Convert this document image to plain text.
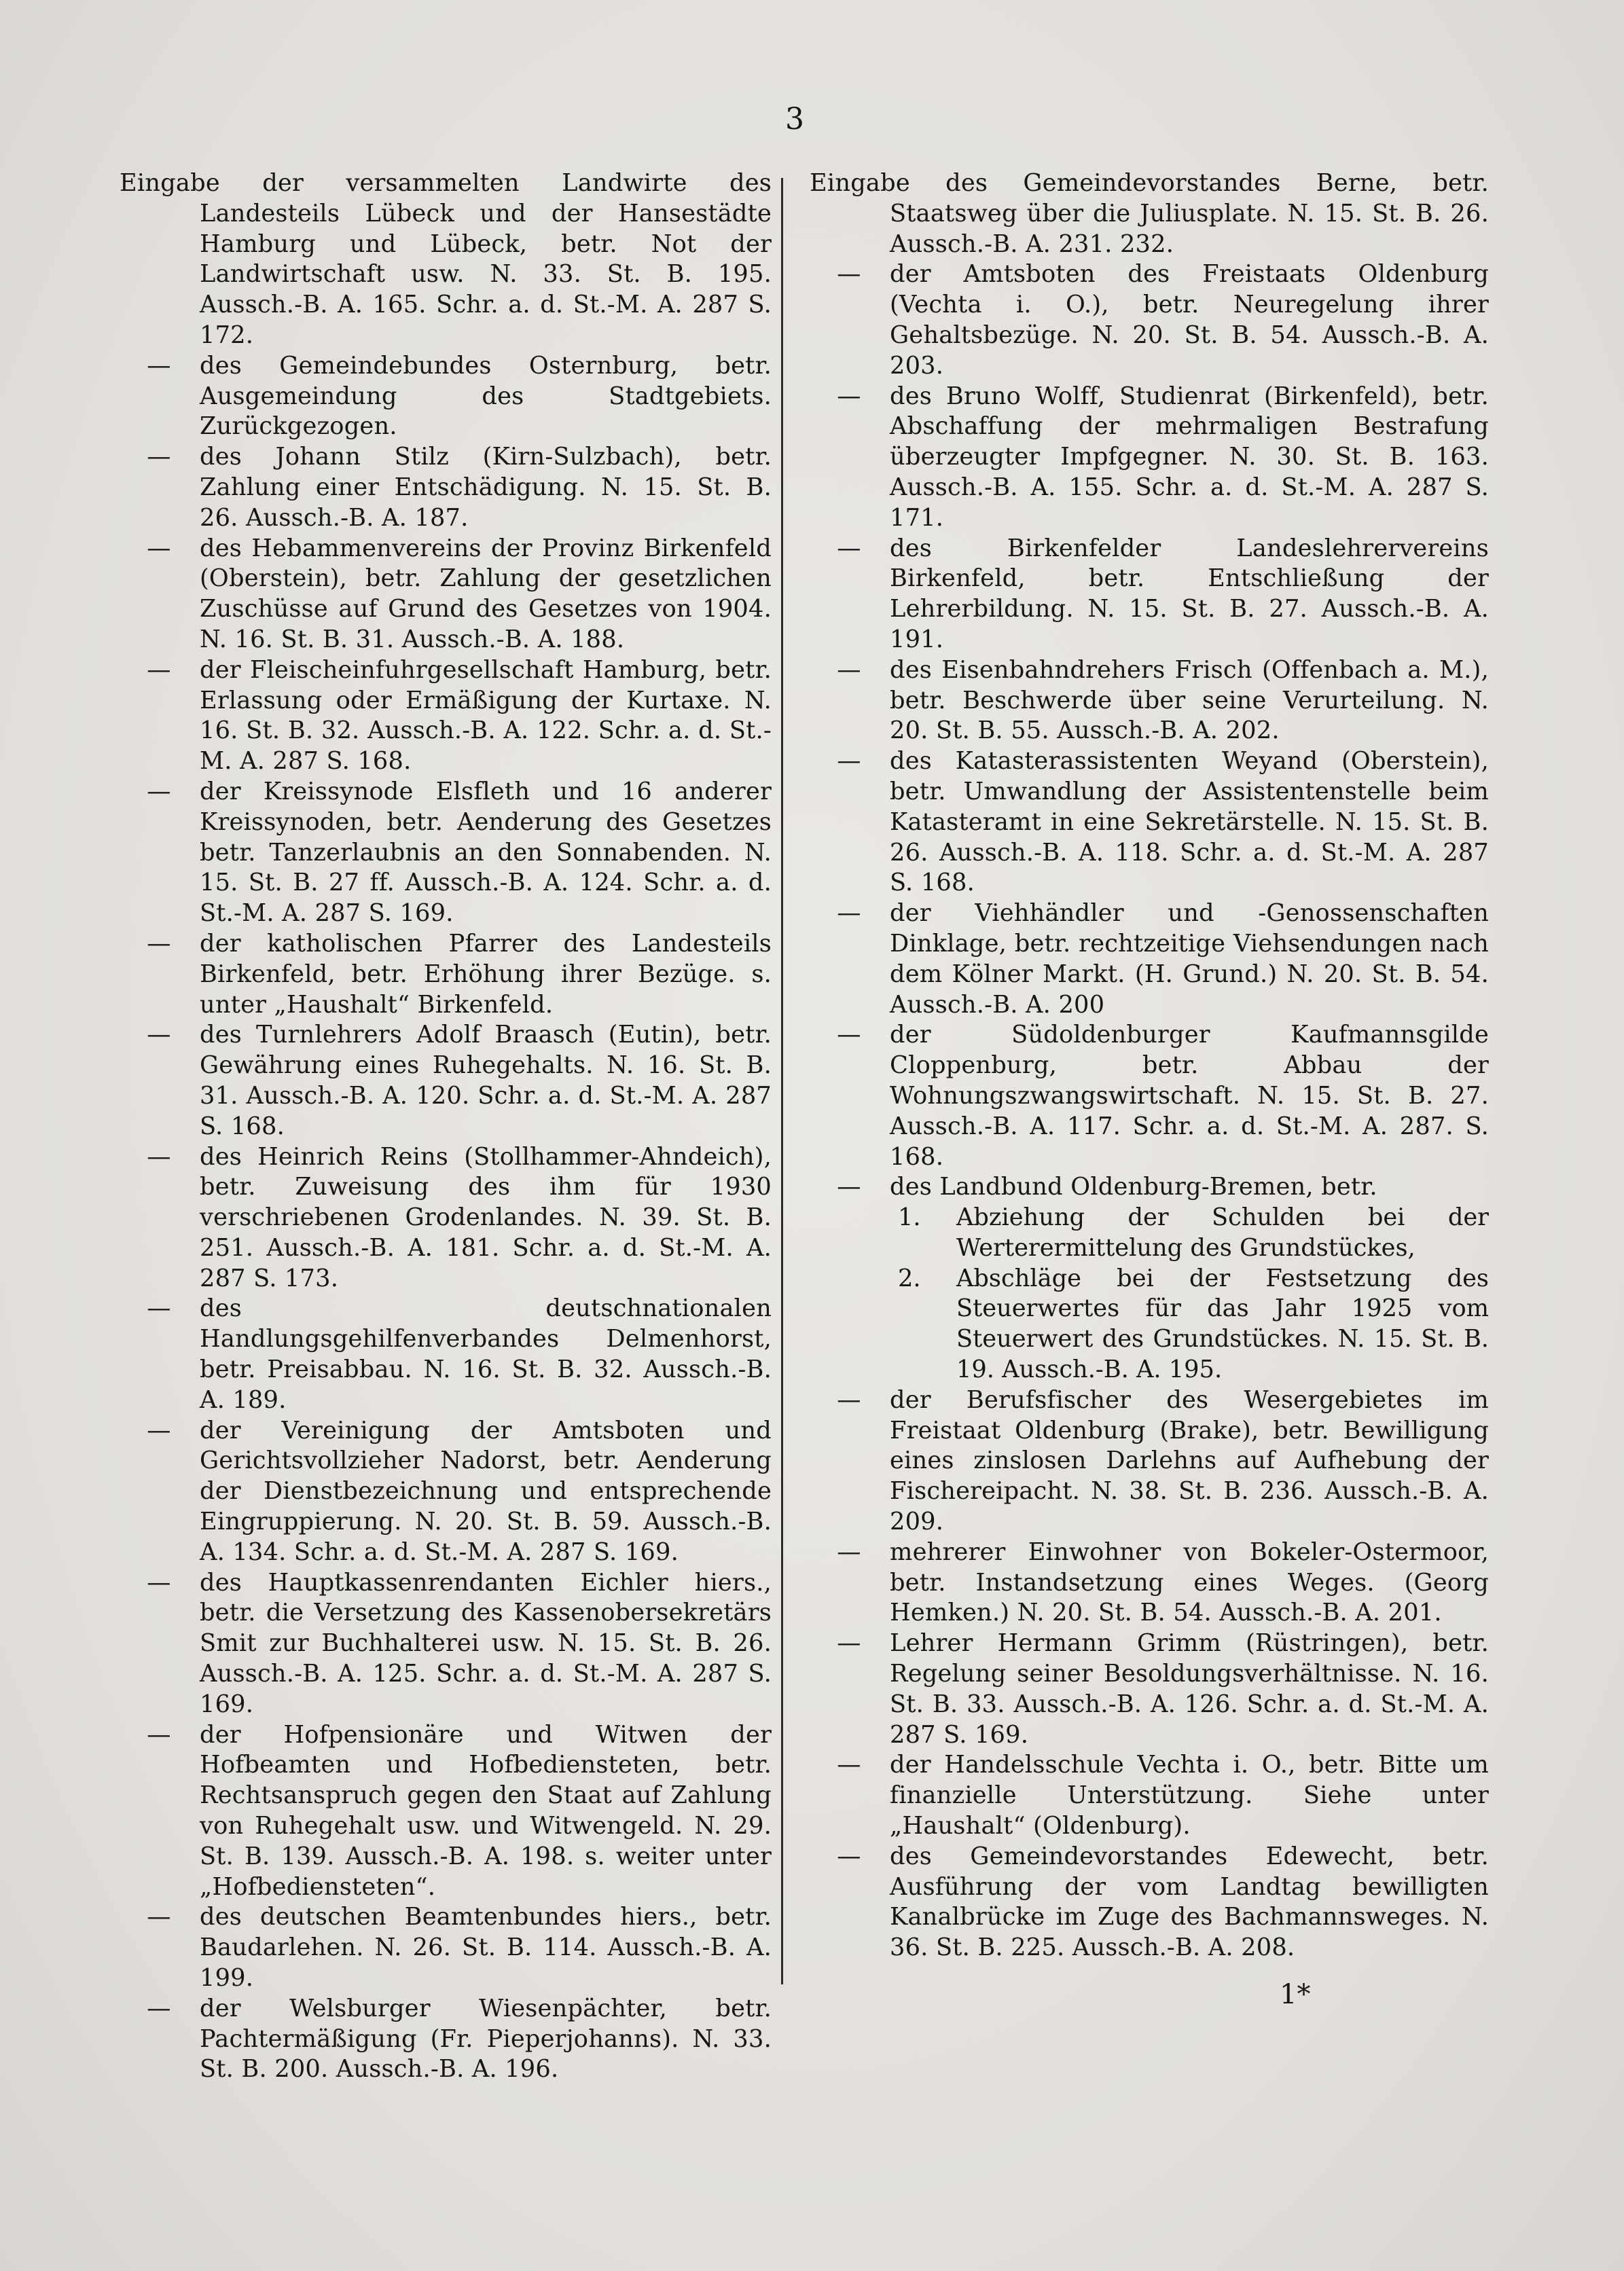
3
Eingabe der versammelten Landwirte des Landesteils Lübeck und der Hansestädte Hamburg und Lübeck, betr. Not der Landwirtschaft usw. N. 33. St. B. 195. Aussch.-B. A. 165. Schr. a. d. St.-M. A. 287 S. 172.
—	des Gemeindebundes Osternburg, betr. Ausgemeindung des Stadtgebiets. Zurückgezogen.
—	des Johann Stilz (Kirn-Sulzbach), betr. Zahlung einer Entschädigung. N. 15. St. B. 26. Aussch.-B. A. 187.
—	des Hebammenvereins der Provinz Birkenfeld (Oberstein), betr. Zahlung der gesetzlichen Zuschüsse auf Grund des Gesetzes von 1904. N. 16. St. B. 31. Aussch.-B. A. 188.
—	der Fleischeinfuhrgesellschaft Hamburg, betr. Erlassung oder Ermäßigung der Kurtaxe. N. 16. St. B. 32. Aussch.-B. A. 122. Schr. a. d. St.-M. A. 287 S. 168.
—	der Kreissynode Elsfleth und 16 anderer Kreissynoden, betr. Aenderung des Gesetzes betr. Tanzerlaubnis an den Sonnabenden. N. 15. St. B. 27 ff. Aussch.-B. A. 124. Schr. a. d. St.-M. A. 287 S. 169.
—	der katholischen Pfarrer des Landesteils Birkenfeld, betr. Erhöhung ihrer Bezüge. s. unter „Haushalt“ Birkenfeld.
—	des Turnlehrers Adolf Braasch (Eutin), betr. Gewährung eines Ruhegehalts. N. 16. St. B. 31. Aussch.-B. A. 120. Schr. a. d. St.-M. A. 287 S. 168.
—	des Heinrich Reins (Stollhammer-Ahndeich), betr. Zuweisung des ihm für 1930 verschriebenen Grodenlandes. N. 39. St. B. 251. Aussch.-B. A. 181. Schr. a. d. St.-M. A. 287 S. 173.
—	des deutschnationalen Handlungsgehilfenverbandes Delmenhorst, betr. Preisabbau. N. 16. St. B. 32. Aussch.-B. A. 189.
—	der Vereinigung der Amtsboten und Gerichtsvollzieher Nadorst, betr. Aenderung der Dienstbezeichnung und entsprechende Eingruppierung. N. 20. St. B. 59. Aussch.-B. A. 134. Schr. a. d. St.-M. A. 287 S. 169.
—	des Hauptkassenrendanten Eichler hiers., betr. die Versetzung des Kassenobersekretärs Smit zur Buchhalterei usw. N. 15. St. B. 26. Aussch.-B. A. 125. Schr. a. d. St.-M. A. 287 S. 169.
—	der Hofpensionäre und Witwen der Hofbeamten und Hofbediensteten, betr. Rechtsanspruch gegen den Staat auf Zahlung von Ruhegehalt usw. und Witwengeld. N. 29. St. B. 139. Aussch.-B. A. 198. s. weiter unter „Hofbediensteten“.
—	des deutschen Beamtenbundes hiers., betr. Baudarlehen. N. 26. St. B. 114. Aussch.-B. A. 199.
—	der Welsburger Wiesenpächter, betr. Pachtermäßigung (Fr. Pieperjohanns). N. 33. St. B. 200. Aussch.-B. A. 196.
Eingabe des Gemeindevorstandes Berne, betr. Staatsweg über die Juliusplate. N. 15. St. B. 26. Aussch.-B. A. 231. 232.
—	der Amtsboten des Freistaats Oldenburg (Vechta i. O.), betr. Neuregelung ihrer Gehaltsbezüge. N. 20. St. B. 54. Aussch.-B. A. 203.
—	des Bruno Wolff, Studienrat (Birkenfeld), betr. Abschaffung der mehrmaligen Bestrafung überzeugter Impfgegner. N. 30. St. B. 163. Aussch.-B. A. 155. Schr. a. d. St.-M. A. 287 S. 171.
—	des Birkenfelder Landeslehrervereins Birkenfeld, betr. Entschließung der Lehrerbildung. N. 15. St. B. 27. Aussch.-B. A. 191.
—	des Eisenbahndrehers Frisch (Offenbach a. M.), betr. Beschwerde über seine Verurteilung. N. 20. St. B. 55. Aussch.-B. A. 202.
—	des Katasterassistenten Weyand (Oberstein), betr. Umwandlung der Assistentenstelle beim Katasteramt in eine Sekretärstelle. N. 15. St. B. 26. Aussch.-B. A. 118. Schr. a. d. St.-M. A. 287 S. 168.
—	der Viehhändler und -Genossenschaften Dinklage, betr. rechtzeitige Viehsendungen nach dem Kölner Markt. (H. Grund.) N. 20. St. B. 54. Aussch.-B. A. 200
—	der Südoldenburger Kaufmannsgilde Cloppenburg, betr. Abbau der Wohnungszwangswirtschaft. N. 15. St. B. 27. Aussch.-B. A. 117. Schr. a. d. St.-M. A. 287. S. 168.
—	des Landbund Oldenburg-Bremen, betr.
1. Abziehung der Schulden bei der Werterermittelung des Grundstückes,
2. Abschläge bei der Festsetzung des Steuerwertes für das Jahr 1925 vom Steuerwert des Grundstückes. N. 15. St. B. 19. Aussch.-B. A. 195.
—	der Berufsfischer des Wesergebietes im Freistaat Oldenburg (Brake), betr. Bewilligung eines zinslosen Darlehns auf Aufhebung der Fischereipacht. N. 38. St. B. 236. Aussch.-B. A. 209.
—	mehrerer Einwohner von Bokeler-Ostermoor, betr. Instandsetzung eines Weges. (Georg Hemken.) N. 20. St. B. 54. Aussch.-B. A. 201.
—	Lehrer Hermann Grimm (Rüstringen), betr. Regelung seiner Besoldungsverhältnisse. N. 16. St. B. 33. Aussch.-B. A. 126. Schr. a. d. St.-M. A. 287 S. 169.
—	der Handelsschule Vechta i. O., betr. Bitte um finanzielle Unterstützung. Siehe unter „Haushalt“ (Oldenburg).
—	des Gemeindevorstandes Edewecht, betr. Ausführung der vom Landtag bewilligten Kanalbrücke im Zuge des Bachmannsweges. N. 36. St. B. 225. Aussch.-B. A. 208.
1*
